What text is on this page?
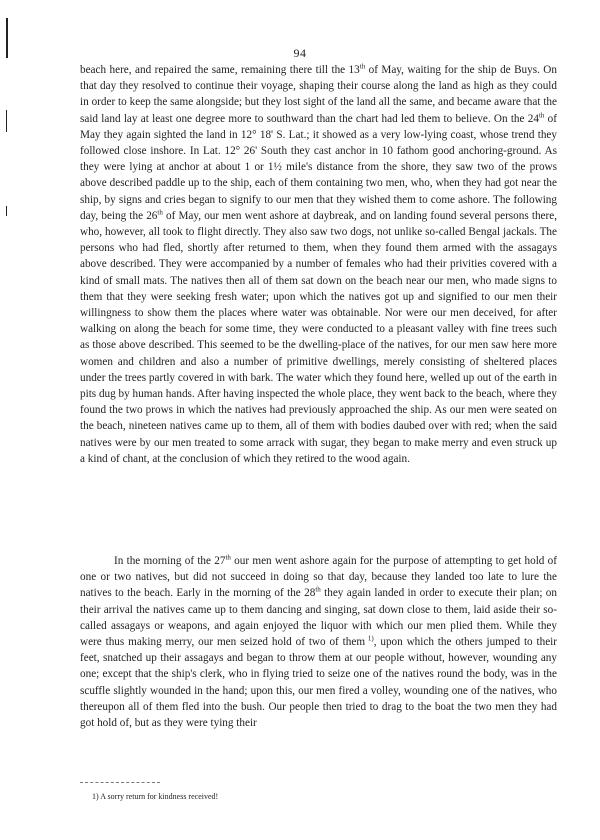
94

beach here, and repaired the same, remaining there till the 13th of May, waiting for the ship de Buys. On that day they resolved to continue their voyage, shaping their course along the land as high as they could in order to keep the same alongside; but they lost sight of the land all the same, and became aware that the said land lay at least one degree more to southward than the chart had led them to believe. On the 24th of May they again sighted the land in 12° 18' S. Lat.; it showed as a very low-lying coast, whose trend they followed close inshore. In Lat. 12° 26' South they cast anchor in 10 fathom good anchoring-ground. As they were lying at anchor at about 1 or 1½ mile's distance from the shore, they saw two of the prows above described paddle up to the ship, each of them containing two men, who, when they had got near the ship, by signs and cries began to signify to our men that they wished them to come ashore. The following day, being the 26th of May, our men went ashore at daybreak, and on landing found several persons there, who, however, all took to flight directly. They also saw two dogs, not unlike so-called Bengal jackals. The persons who had fled, shortly after returned to them, when they found them armed with the assagays above described. They were accompanied by a number of females who had their privities covered with a kind of small mats. The natives then all of them sat down on the beach near our men, who made signs to them that they were seeking fresh water; upon which the natives got up and signified to our men their willingness to show them the places where water was obtainable. Nor were our men deceived, for after walking on along the beach for some time, they were conducted to a pleasant valley with fine trees such as those above described. This seemed to be the dwelling-place of the natives, for our men saw here more women and children and also a number of primitive dwellings, merely consisting of sheltered places under the trees partly covered in with bark. The water which they found here, welled up out of the earth in pits dug by human hands. After having inspected the whole place, they went back to the beach, where they found the two prows in which the natives had previously approached the ship. As our men were seated on the beach, nineteen natives came up to them, all of them with bodies daubed over with red; when the said natives were by our men treated to some arrack with sugar, they began to make merry and even struck up a kind of chant, at the conclusion of which they retired to the wood again.

In the morning of the 27th our men went ashore again for the purpose of attempting to get hold of one or two natives, but did not succeed in doing so that day, because they landed too late to lure the natives to the beach. Early in the morning of the 28th they again landed in order to execute their plan; on their arrival the natives came up to them dancing and singing, sat down close to them, laid aside their so-called assagays or weapons, and again enjoyed the liquor with which our men plied them. While they were thus making merry, our men seized hold of two of them $^{1)}$, upon which the others jumped to their feet, snatched up their assagays and began to throw them at our people without, however, wounding any one; except that the ship's clerk, who in flying tried to seize one of the natives round the body, was in the scuffle slightly wounded in the hand; upon this, our men fired a volley, wounding one of the natives, who thereupon all of them fled into the bush. Our people then tried to drag to the boat the two men they had got hold of, but as they were tying their

1) A sorry return for kindness received!
